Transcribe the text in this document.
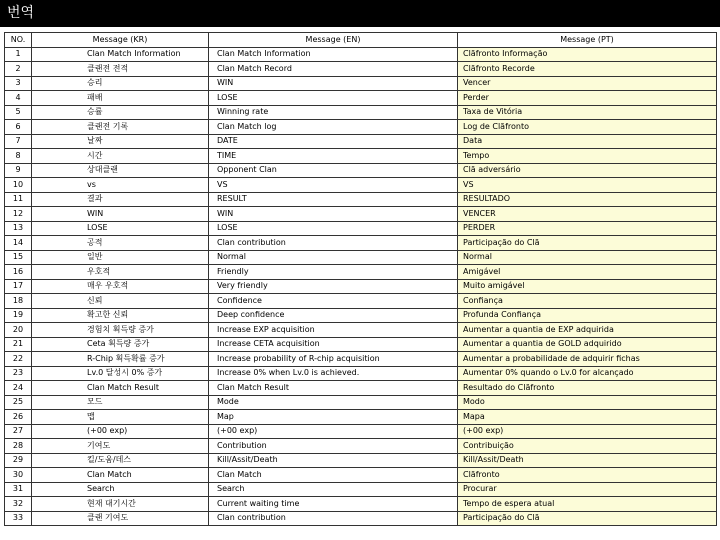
번역
NO.	Message (KR)	Message (EN)	Message (PT)
1	Clan Match Information	Clan Match Information	Clãfronto Informação
2	클랜전 전적	Clan Match Record	Clãfronto Recorde
3	승리	WIN	Vencer
4	패배	LOSE	Perder
5	승률	Winning rate	Taxa de Vitória
6	클랜전 기록	Clan Match log	Log de Clãfronto
7	날짜	DATE	Data
8	시간	TIME	Tempo
9	상대클랜	Opponent Clan	Clã adversário
10	vs	VS	VS
11	결과	RESULT	RESULTADO
12	WIN	WIN	VENCER
13	LOSE	LOSE	PERDER
14	공적	Clan contribution	Participação do Clã
15	일반	Normal	Normal
16	우호적	Friendly	Amigável
17	매우 우호적	Very friendly	Muito amigável
18	신뢰	Confidence	Confiança
19	확고한 신뢰	Deep confidence	Profunda Confiança
20	경험치 획득량 증가	Increase EXP acquisition	Aumentar a quantia de EXP adquirida
21	Ceta 획득량 증가	Increase CETA acquisition	Aumentar a quantia de GOLD adquirido
22	R-Chip 획득확률 증가	Increase probability of R-chip acquisition	Aumentar a probabilidade de adquirir fichas
23	Lv.0 달성시 0% 증가	Increase 0% when Lv.0 is achieved.	Aumentar 0% quando o Lv.0 for alcançado
24	Clan Match Result	Clan Match Result	Resultado do Clãfronto
25	모드	Mode	Modo
26	맵	Map	Mapa
27	(+00 exp)	(+00 exp)	(+00 exp)
28	기여도	Contribution	Contribuição
29	킬/도움/데스	Kill/Assit/Death	Kill/Assit/Death
30	Clan Match	Clan Match	Clãfronto
31	Search	Search	Procurar
32	현재 대기시간	Current waiting time	Tempo de espera atual
33	클랜 기여도	Clan contribution	Participação do Clã
